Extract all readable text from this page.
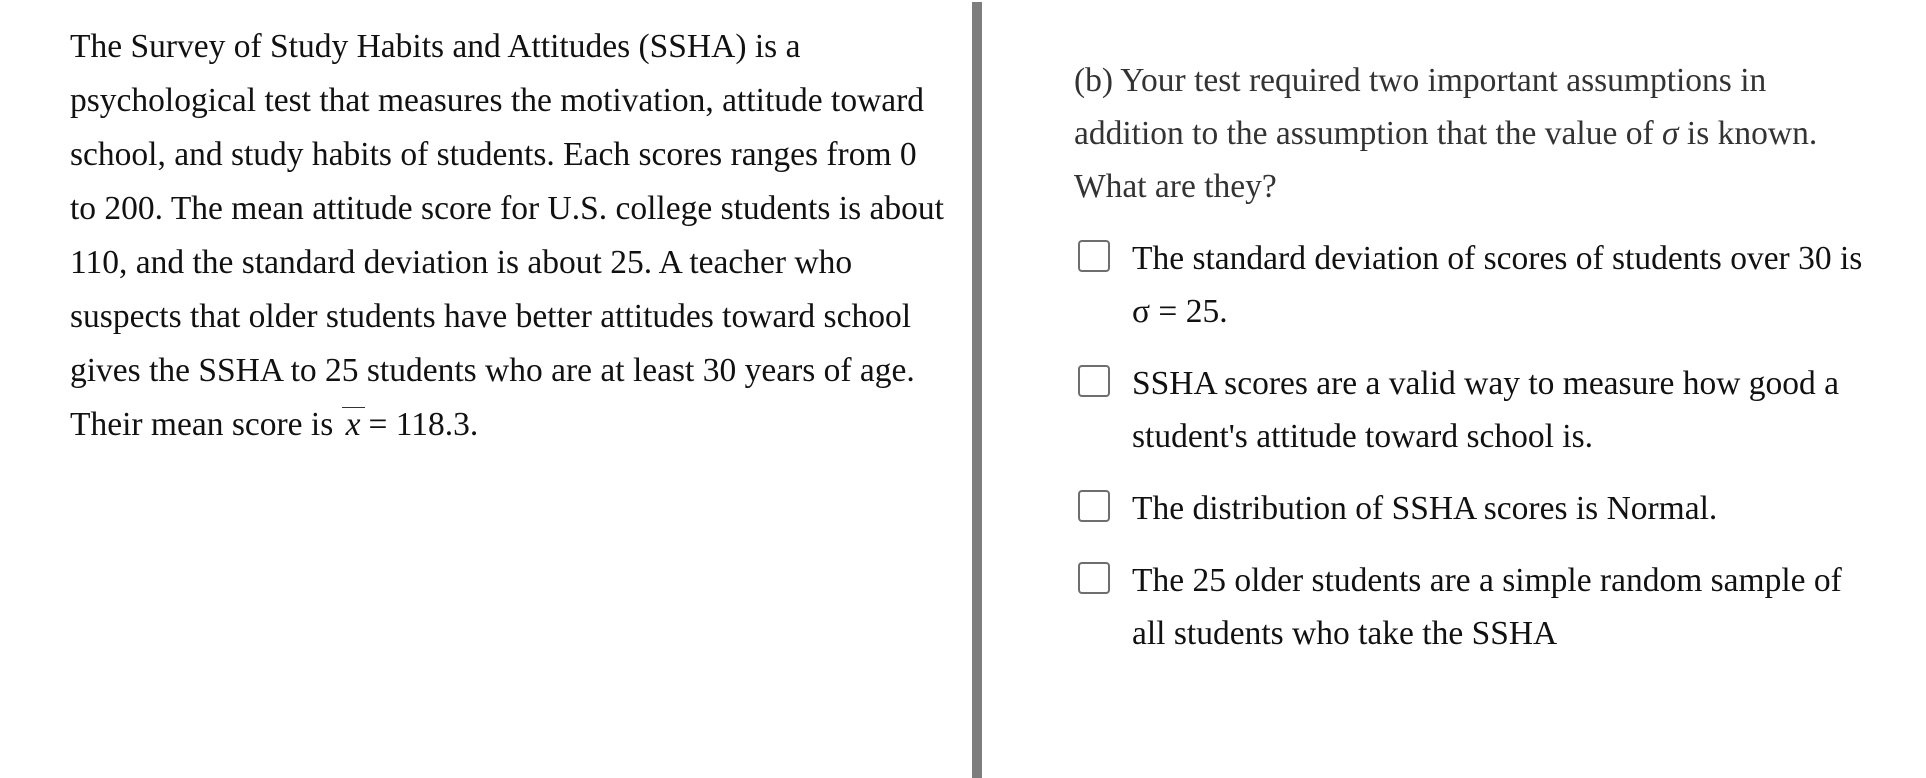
The Survey of Study Habits and Attitudes (SSHA) is a psychological test that measures the motivation, attitude toward school, and study habits of students. Each scores ranges from 0 to 200. The mean attitude score for U.S. college students is about 110, and the standard deviation is about 25. A teacher who suspects that older students have better attitudes toward school gives the SSHA to 25 students who are at least 30 years of age. Their mean score is x = 118.3.

(b) Your test required two important assumptions in addition to the assumption that the value of σ is known. What are they?

The standard deviation of scores of students over 30 is σ = 25.
SSHA scores are a valid way to measure how good a student's attitude toward school is.
The distribution of SSHA scores is Normal.
The 25 older students are a simple random sample of all students who take the SSHA
